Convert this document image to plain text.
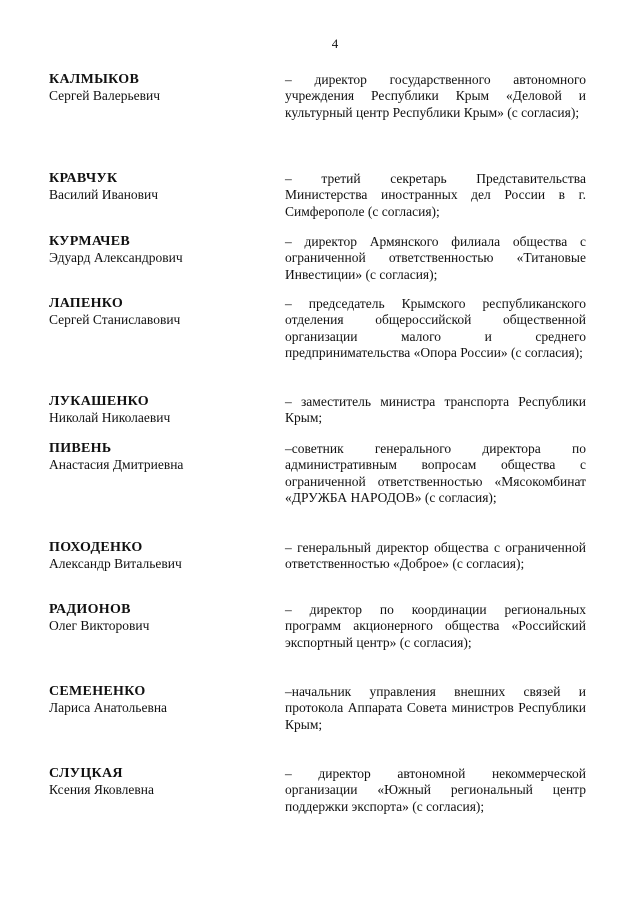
4
КАЛМЫКОВ
Сергей Валерьевич
– директор государственного автономного учреждения Республики Крым «Деловой и культурный центр Республики Крым» (с согласия);
КРАВЧУК
Василий Иванович
– третий секретарь Представительства Министерства иностранных дел России в г. Симферополе (с согласия);
КУРМАЧЕВ
Эдуард Александрович
– директор Армянского филиала общества с ограниченной ответственностью «Титановые Инвестиции» (с согласия);
ЛАПЕНКО
Сергей Станиславович
– председатель Крымского республиканского отделения общероссийской общественной организации малого и среднего предпринимательства «Опора России» (с согласия);
ЛУКАШЕНКО
Николай Николаевич
– заместитель министра транспорта Республики Крым;
ПИВЕНЬ
Анастасия Дмитриевна
–советник генерального директора по административным вопросам общества с ограниченной ответственностью «Мясокомбинат «ДРУЖБА НАРОДОВ» (с согласия);
ПОХОДЕНКО
Александр Витальевич
– генеральный директор общества с ограниченной ответственностью «Доброе» (с согласия);
РАДИОНОВ
Олег Викторович
– директор по координации региональных программ акционерного общества «Российский экспортный центр» (с согласия);
СЕМЕНЕНКО
Лариса Анатольевна
–начальник управления внешних связей и протокола Аппарата Совета министров Республики Крым;
СЛУЦКАЯ
Ксения Яковлевна
– директор автономной некоммерческой организации «Южный региональный центр поддержки экспорта» (с согласия);
